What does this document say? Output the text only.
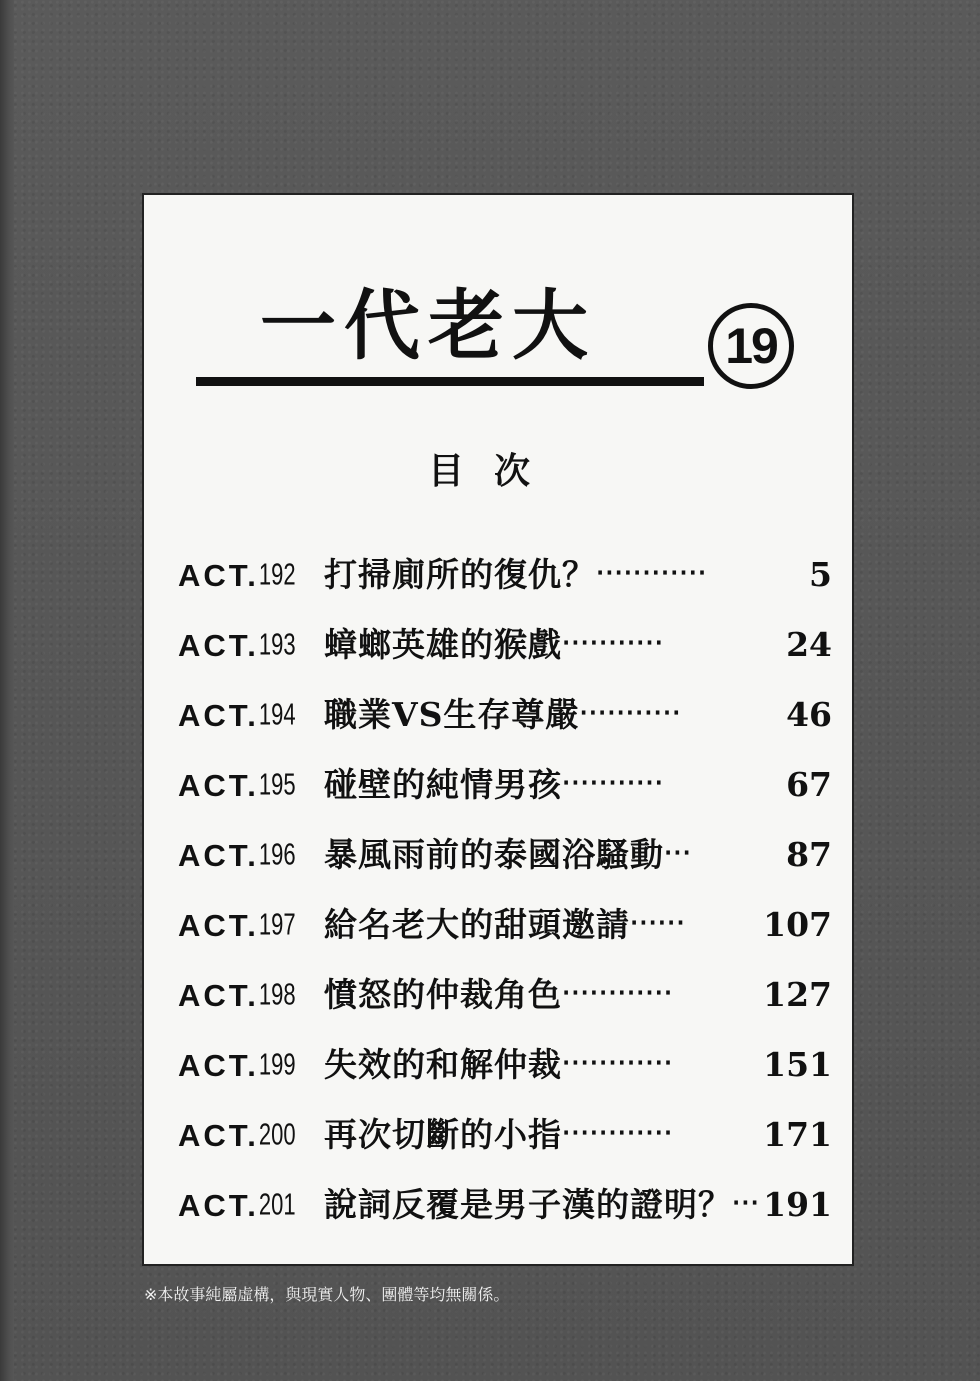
一代老大	19
目次
ACT.192 打掃廁所的復仇？ ‧‧‧‧‧‧‧‧‧‧‧‧	5
ACT.193 蟑螂英雄的猴戲 ‧‧‧‧‧‧‧‧‧‧‧	24
ACT.194 職業VS生存尊嚴 ‧‧‧‧‧‧‧‧‧‧‧	46
ACT.195 碰壁的純情男孩 ‧‧‧‧‧‧‧‧‧‧‧	67
ACT.196 暴風雨前的泰國浴騷動 ‧‧‧	87
ACT.197 給名老大的甜頭邀請 ‧‧‧‧‧‧	107
ACT.198 憤怒的仲裁角色 ‧‧‧‧‧‧‧‧‧‧‧‧	127
ACT.199 失效的和解仲裁 ‧‧‧‧‧‧‧‧‧‧‧‧	151
ACT.200 再次切斷的小指 ‧‧‧‧‧‧‧‧‧‧‧‧	171
ACT.201 說詞反覆是男子漢的證明？ ‧‧‧ 191
※本故事純屬虛構，與現實人物、團體等均無關係。
